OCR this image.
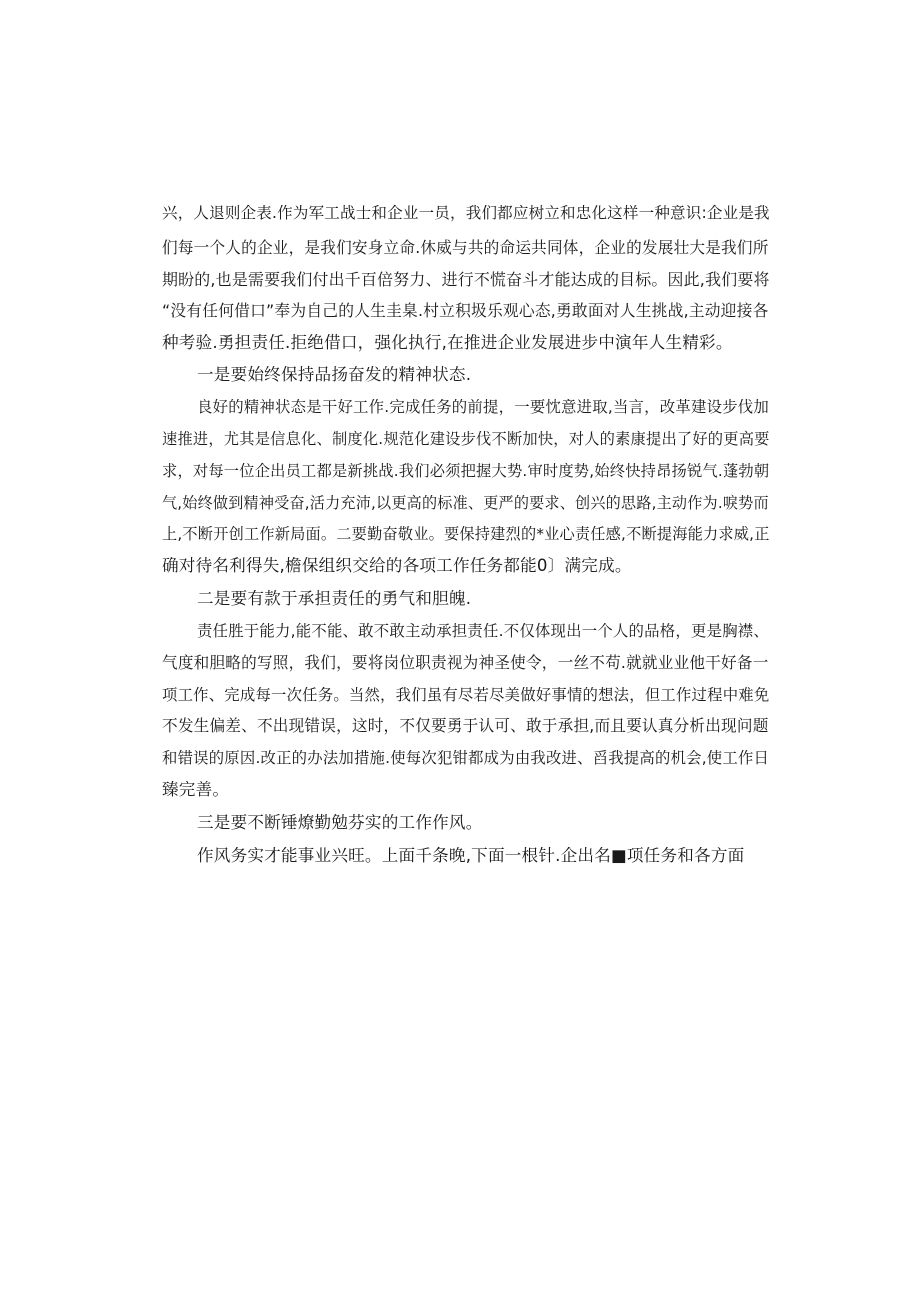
兴，人退则企表.作为军工战士和企业一员，我们都应树立和忠化这样一种意识:企业是我
们每一个人的企业，是我们安身立命.休威与共的命运共同体，企业的发展壮大是我们所
期盼的,也是需要我们付出千百倍努力、进行不慌奋斗才能达成的目标。因此,我们要将
“没有任何借口”奉为自己的人生圭臬.村立积圾乐观心态,勇敢面对人生挑战,主动迎接各
种考验.勇担责任.拒绝借口，强化执行,在推进企业发展进步中演年人生精彩。
一是要始终保持品扬奋发的精神状态.
良好的精神状态是干好工作.完成任务的前提，一要忱意进取,当言，改革建设步伐加
速推进，尤其是信息化、制度化.规范化建设步伐不断加快，对人的素康提出了好的更高要
求，对每一位企出员工都是新挑战.我们必须把握大势.审时度势,始终快持昂扬锐气.蓬勃朝
气,始终做到精神受奋,活力充沛,以更高的标准、更严的要求、创兴的思路,主动作为.唳势而
上,不断开创工作新局面。二要勤奋敬业。要保持建烈的*业心责任感,不断提海能力求威,正
确对待名利得失,檐保组织交给的各项工作任务都能0〕满完成。
二是要有款于承担责任的勇气和胆魄.
责任胜于能力,能不能、敢不敢主动承担责任.不仅体现出一个人的品格，更是胸襟、
气度和胆略的写照，我们，要将岗位职责视为神圣使令，一丝不苟.就就业业他干好备一
项工作、完成每一次任务。当然，我们虽有尽若尽美做好事情的想法，但工作过程中难免
不发生偏差、不出现错误，这时，不仅要勇于认可、敢于承担,而且要认真分析出现问题
和错误的原因.改正的办法加措施.使每次犯钳都成为由我改进、舀我提高的机会,使工作日
臻完善。
三是要不断锤燎勤勉芬实的工作作风。
作风务实才能事业兴旺。上面千条晚,下面一根针.企出名■项任务和各方面
